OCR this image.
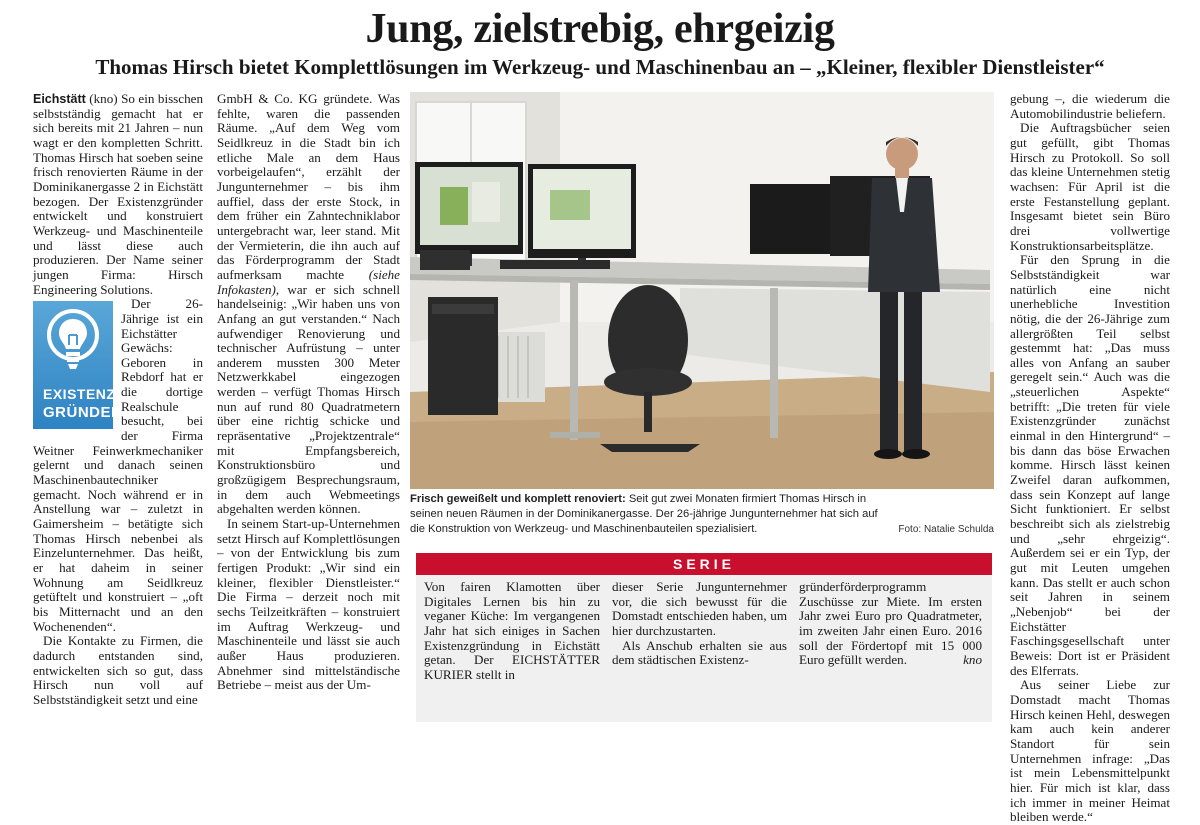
Jung, zielstrebig, ehrgeizig
Thomas Hirsch bietet Komplettlösungen im Werkzeug- und Maschinenbau an – „Kleiner, flexibler Dienstleister“

Eichstätt (kno) So ein bisschen selbstständig gemacht hat er sich bereits mit 21 Jahren – nun wagt er den kompletten Schritt. Thomas Hirsch hat soeben seine frisch renovierten Räume in der Dominikanergasse 2 in Eichstätt bezogen. Der Existenzgründer entwickelt und konstruiert Werkzeug- und Maschinenteile und lässt diese auch produzieren. Der Name seiner jungen Firma: Hirsch Engineering Solutions.

EXISTENZ
GRÜNDER
Der 26-Jährige ist ein Eichstätter Gewächs: Geboren in Rebdorf hat er die dortige Realschule besucht, bei der Firma Weitner Feinwerkmechaniker gelernt und danach seinen Maschinenbautechniker gemacht. Noch während er in Anstellung war – zuletzt in Gaimersheim – betätigte sich Thomas Hirsch nebenbei als Einzelunternehmer. Das heißt, er hat daheim in seiner Wohnung am Seidlkreuz getüftelt und konstruiert – „oft bis Mitternacht und an den Wochenenden“.

Die Kontakte zu Firmen, die dadurch entstanden sind, entwickelten sich so gut, dass Hirsch nun voll auf Selbstständigkeit setzt und eine

GmbH & Co. KG gründete. Was fehlte, waren die passenden Räume. „Auf dem Weg vom Seidlkreuz in die Stadt bin ich etliche Male an dem Haus vorbeigelaufen“, erzählt der Jungunternehmer – bis ihm auffiel, dass der erste Stock, in dem früher ein Zahntechniklabor untergebracht war, leer stand. Mit der Vermieterin, die ihn auch auf das Förderprogramm der Stadt aufmerksam machte (siehe Infokasten), war er sich schnell handelseinig: „Wir haben uns von Anfang an gut verstanden.“ Nach aufwendiger Renovierung und technischer Aufrüstung – unter anderem mussten 300 Meter Netzwerkkabel eingezogen werden – verfügt Thomas Hirsch nun auf rund 80 Quadratmetern über eine richtig schicke und repräsentative „Projektzentrale“ mit Empfangsbereich, Konstruktionsbüro und großzügigem Besprechungsraum, in dem auch Webmeetings abgehalten werden können.

In seinem Start-up-Unternehmen setzt Hirsch auf Komplettlösungen – von der Entwicklung bis zum fertigen Produkt: „Wir sind ein kleiner, flexibler Dienstleister.“ Die Firma – derzeit noch mit sechs Teilzeitkräften – konstruiert im Auftrag Werkzeug- und Maschinenteile und lässt sie auch außer Haus produzieren. Abnehmer sind mittelständische Betriebe – meist aus der Um-

Frisch geweißelt und komplett renoviert: Seit gut zwei Monaten firmiert Thomas Hirsch in seinen neuen Räumen in der Dominikanergasse. Der 26-jährige Jungunternehmer hat sich auf die Konstruktion von Werkzeug- und Maschinenbauteilen spezialisiert.	Foto: Natalie Schulda

gebung –, die wiederum die Automobilindustrie beliefern.

Die Auftragsbücher seien gut gefüllt, gibt Thomas Hirsch zu Protokoll. So soll das kleine Unternehmen stetig wachsen: Für April ist die erste Festanstellung geplant. Insgesamt bietet sein Büro drei vollwertige Konstruktionsarbeitsplätze.

Für den Sprung in die Selbstständigkeit war natürlich eine nicht unerhebliche Investition nötig, die der 26-Jährige zum allergrößten Teil selbst gestemmt hat: „Das muss alles von Anfang an sauber geregelt sein.“ Auch was die „steuerlichen Aspekte“ betrifft: „Die treten für viele Existenzgründer zunächst einmal in den Hintergrund“ – bis dann das böse Erwachen komme. Hirsch lässt keinen Zweifel daran aufkommen, dass sein Konzept auf lange Sicht funktioniert. Er selbst beschreibt sich als zielstrebig und „sehr ehrgeizig“. Außerdem sei er ein Typ, der gut mit Leuten umgehen kann. Das stellt er auch schon seit Jahren in seinem „Nebenjob“ bei der Eichstätter Faschingsgesellschaft unter Beweis: Dort ist er Präsident des Elferrats.

Aus seiner Liebe zur Domstadt macht Thomas Hirsch keinen Hehl, deswegen kam auch kein anderer Standort für sein Unternehmen infrage: „Das ist mein Lebensmittelpunkt hier. Für mich ist klar, dass ich immer in meiner Heimat bleiben werde.“

SERIE

Von fairen Klamotten über Digitales Lernen bis hin zu veganer Küche: Im vergangenen Jahr hat sich einiges in Sachen Existenzgründung in Eichstätt getan. Der EICHSTÄTTER KURIER stellt in

dieser Serie Jungunternehmer vor, die sich bewusst für die Domstadt entschieden haben, um hier durchzustarten.

Als Anschub erhalten sie aus dem städtischen Existenz-

gründerförderprogramm Zuschüsse zur Miete. Im ersten Jahr zwei Euro pro Quadratmeter, im zweiten Jahr einen Euro. 2016 soll der Fördertopf mit 15 000 Euro gefüllt werden.	kno
